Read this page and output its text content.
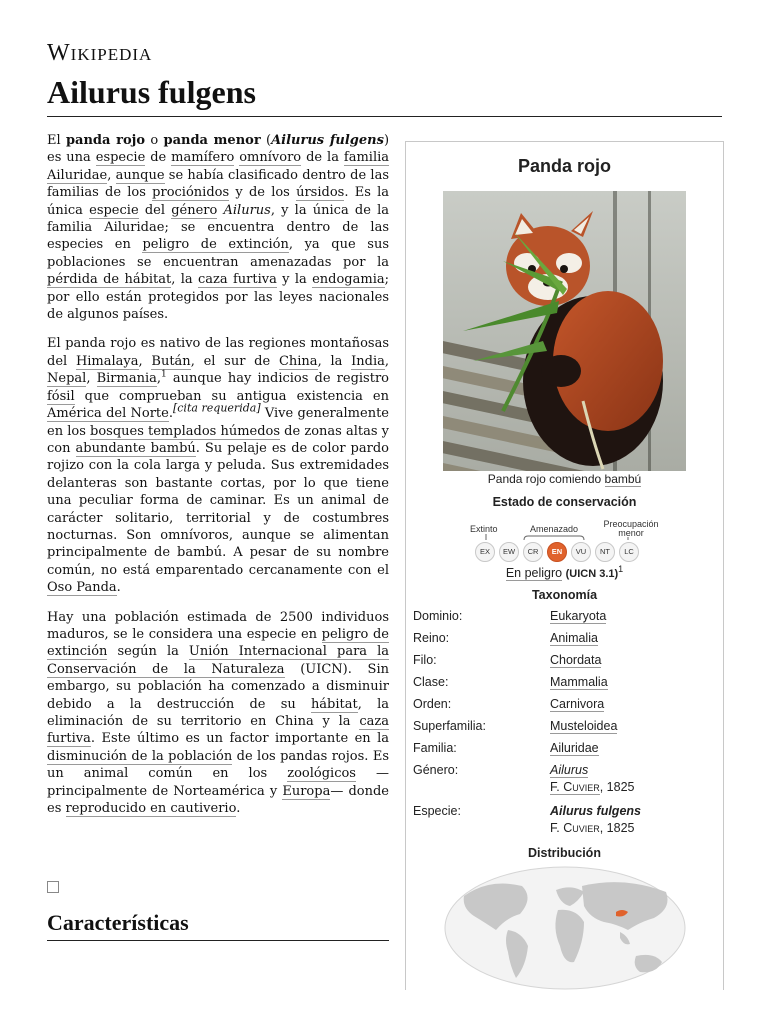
Wikipedia
Ailurus fulgens

El panda rojo o panda menor (Ailurus fulgens) es una especie de mamífero omnívoro de la familia Ailuridae, aunque se había clasificado dentro de las familias de los prociónidos y de los úrsidos. Es la única especie del género Ailurus, y la única de la familia Ailuridae; se encuentra dentro de las especies en peligro de extinción, ya que sus poblaciones se encuentran amenazadas por la pérdida de hábitat, la caza furtiva y la endogamia; por ello están protegidos por las leyes nacionales de algunos países.

El panda rojo es nativo de las regiones montañosas del Himalaya, Bután, el sur de China, la India, Nepal, Birmania,$^1$ aunque hay indicios de registro fósil que comprueban su antigua existencia en América del Norte.[cita requerida] Vive generalmente en los bosques templados húmedos de zonas altas y con abundante bambú. Su pelaje es de color pardo rojizo con la cola larga y peluda. Sus extremidades delanteras son bastante cortas, por lo que tiene una peculiar forma de caminar. Es un animal de carácter solitario, territorial y de costumbres nocturnas. Son omnívoros, aunque se alimentan principalmente de bambú. A pesar de su nombre común, no está emparentado cercanamente con el Oso Panda.

Hay una población estimada de 2500 individuos maduros, se le considera una especie en peligro de extinción según la Unión Internacional para la Conservación de la Naturaleza (UICN). Sin embargo, su población ha comenzado a disminuir debido a la destrucción de su hábitat, la eliminación de su territorio en China y la caza furtiva. Este último es un factor importante en la disminución de la población de los pandas rojos. Es un animal común en los zoológicos — principalmente de Norteamérica y Europa— donde es reproducido en cautiverio.

Características
Panda rojo
Panda rojo comiendo bambú
Estado de conservación
Extinto	Amenazado	Preocupación menor
EX	EW	CR	EN	VU	NT	LC
En peligro (UICN 3.1)$^1$
Taxonomía
Dominio:	Eukaryota
Reino:	Animalia
Filo:	Chordata
Clase:	Mammalia
Orden:	Carnivora
Superfamilia:	Musteloidea
Familia:	Ailuridae
Género:	Ailurus
F. Cuvier, 1825
Especie:	Ailurus fulgens
F. Cuvier, 1825
Distribución
